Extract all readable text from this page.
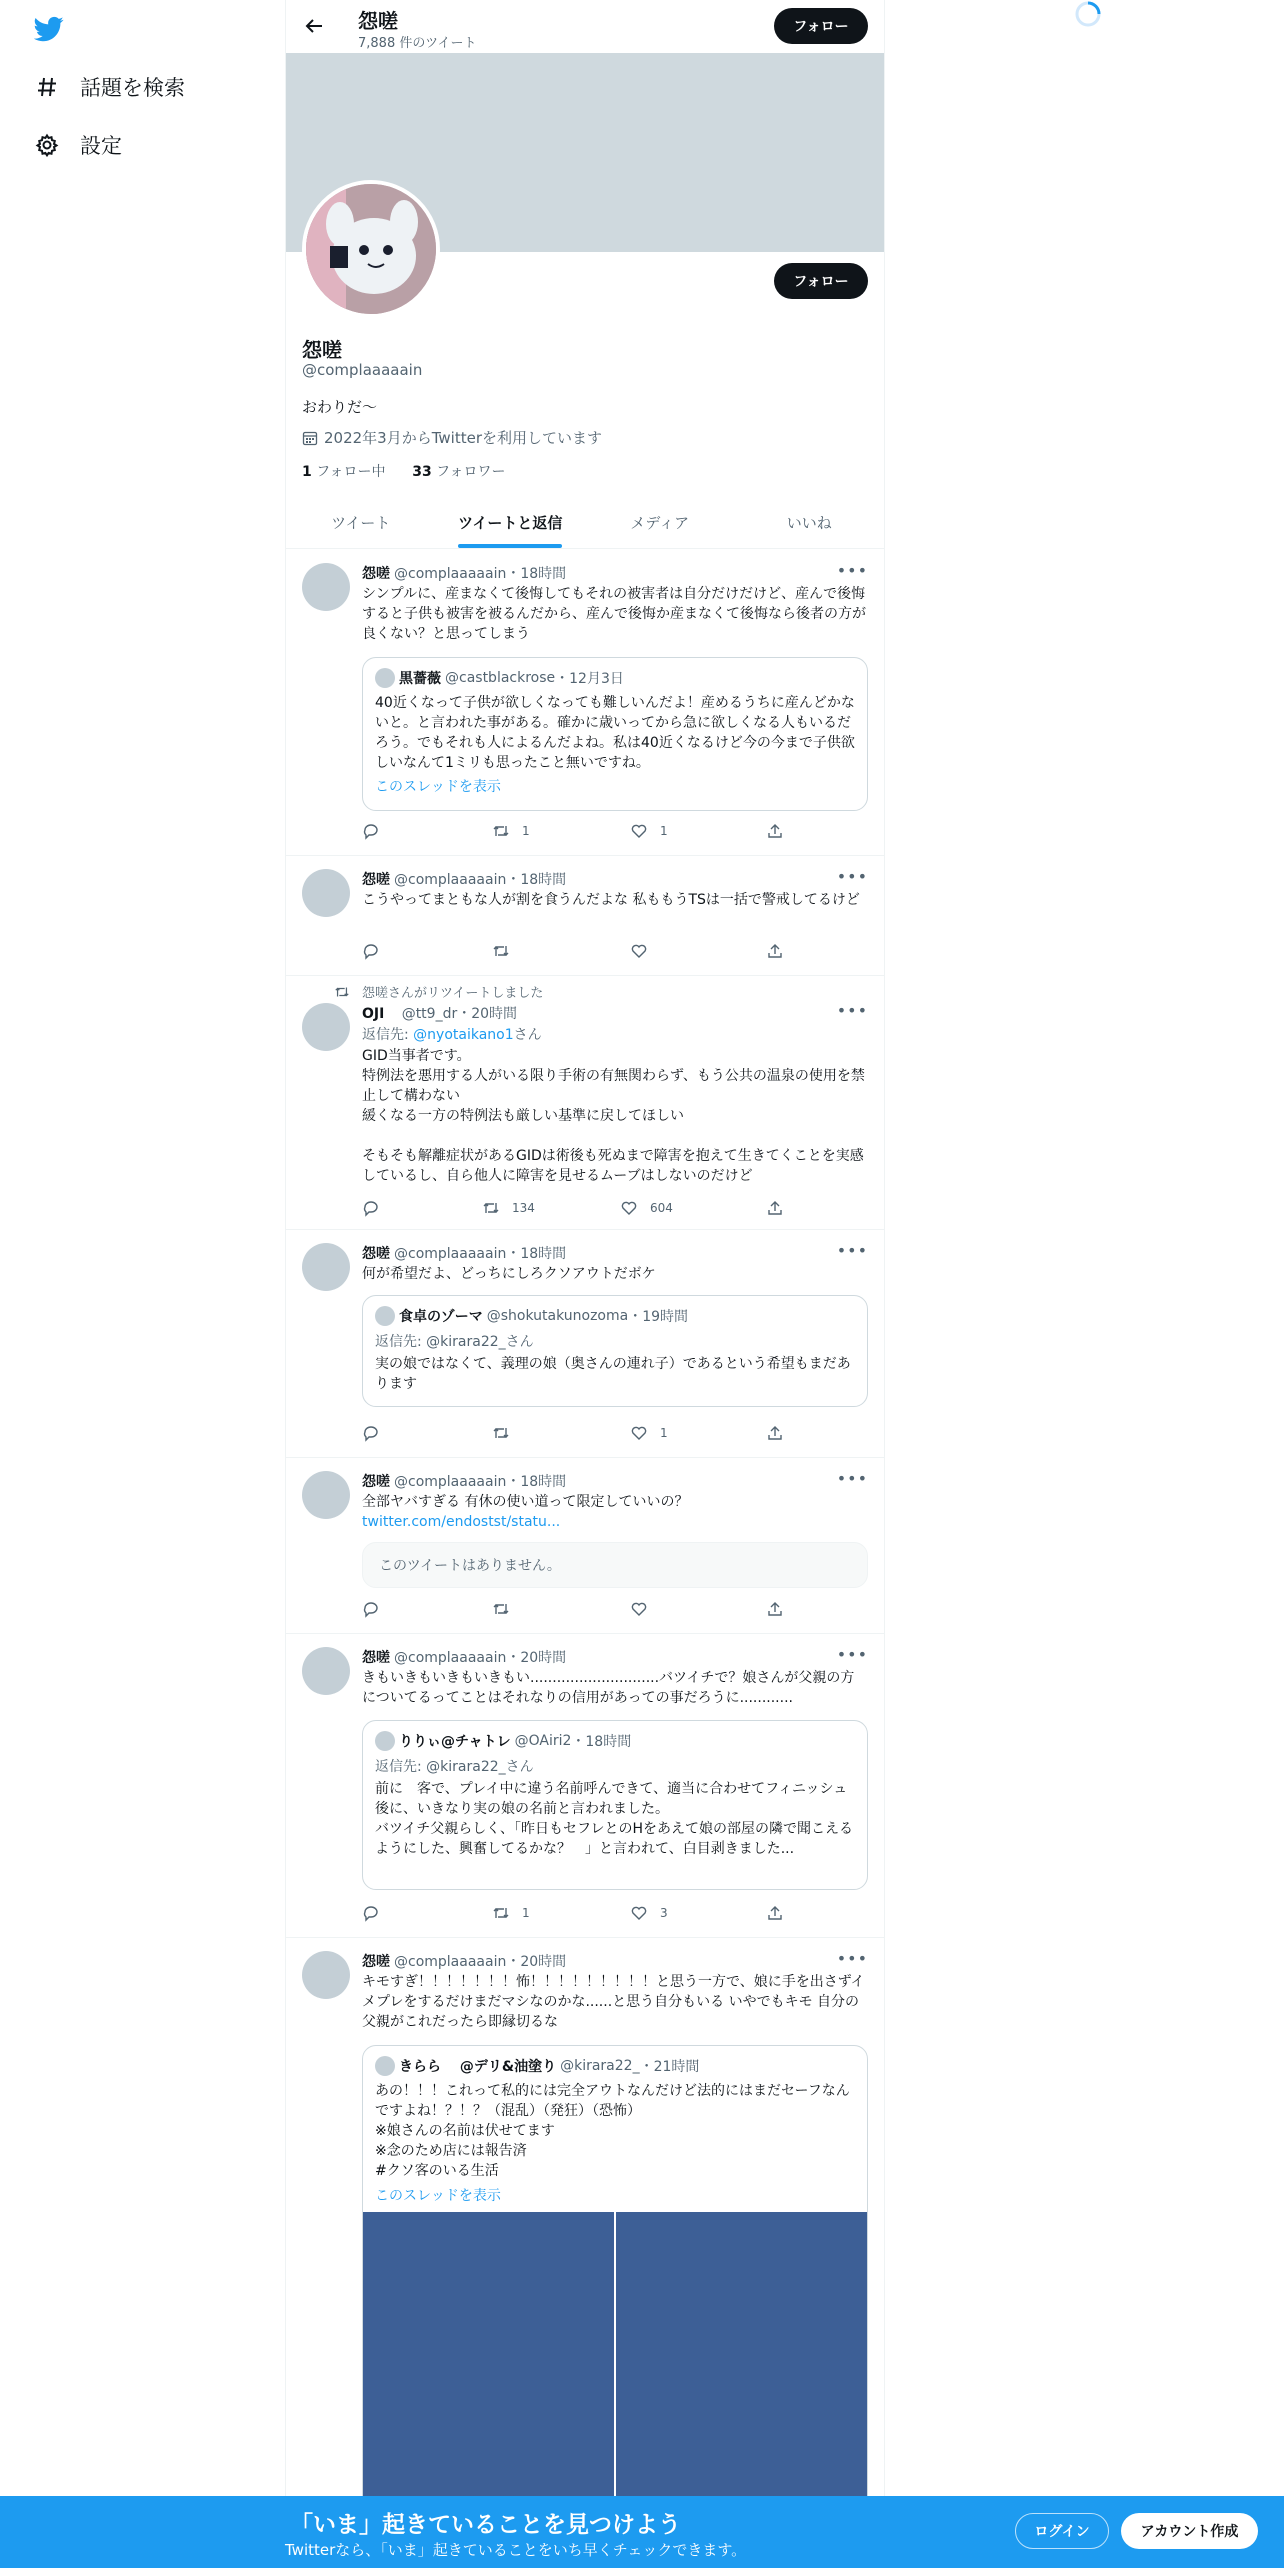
話題を検索
設定
怨嗟
7,888 件のツイート
フォロー
フォロー
怨嗟
@complaaaaain
おわりだ〜
2022年3月からTwitterを利用しています
1 フォロー中 33 フォロワー
ツイート	ツイートと返信	メディア	いいね
怨嗟 @complaaaaain・18時間	•••
シンプルに、産まなくて後悔してもそれの被害者は自分だけだけど、産んで後悔すると子供も被害を被るんだから、産んで後悔か産まなくて後悔なら後者の方が良くない？と思ってしまう
黒薔薇 @castblackrose ・12月3日
40近くなって子供が欲しくなっても難しいんだよ！産めるうちに産んどかないと。と言われた事がある。確かに歳いってから急に欲しくなる人もいるだろう。でもそれも人によるんだよね。私は40近くなるけど今の今まで子供欲しいなんて1ミリも思ったこと無いですね。
このスレッドを表示
1	1
怨嗟 @complaaaaain・18時間	•••
こうやってまともな人が割を食うんだよな 私ももうTSは一括で警戒してるけど
怨嗟さんがリツイートしました
OJI @tt9_dr・20時間	•••
返信先: @nyotaikano1さん
GID当事者です。
特例法を悪用する人がいる限り手術の有無関わらず、もう公共の温泉の使用を禁止して構わない
緩くなる一方の特例法も厳しい基準に戻してほしい
そもそも解離症状があるGIDは術後も死ぬまで障害を抱えて生きてくことを実感しているし、自ら他人に障害を見せるムーブはしないのだけど
134	604
怨嗟 @complaaaaain・18時間	•••
何が希望だよ、どっちにしろクソアウトだボケ
食卓のゾーマ @shokutakunozoma ・19時間
返信先: @kirara22_さん
実の娘ではなくて、義理の娘（奥さんの連れ子）であるという希望もまだあります
1
怨嗟 @complaaaaain・18時間	•••
全部ヤバすぎる 有休の使い道って限定していいの？
twitter.com/endostst/statu...
このツイートはありません。
怨嗟 @complaaaaain・20時間	•••
きもいきもいきもいきもい.............................バツイチで？娘さんが父親の方についてるってことはそれなりの信用があっての事だろうに............
りりぃ@チャトレ @OAiri2 ・18時間
返信先: @kirara22_さん
前に　客で、プレイ中に違う名前呼んできて、適当に合わせてフィニッシュ後に、いきなり実の娘の名前と言われました。
バツイチ父親らしく、「昨日もセフレとのHをあえて娘の部屋の隣で聞こえるようにした、興奮してるかな？　」と言われて、白目剥きました...
1	3
怨嗟 @complaaaaain・20時間	•••
キモすぎ！！！！！！！怖！！！！！！！！！と思う一方で、娘に手を出さずイメプレをするだけまだマシなのかな......と思う自分もいる いやでもキモ 自分の父親がこれだったら即縁切るな
きらら　 @デリ&油塗り @kirara22_ ・21時間
あの！！！これって私的には完全アウトなんだけど法的にはまだセーフなんですよね！？！？（混乱）（発狂）（恐怖）
※娘さんの名前は伏せてます
※念のため店には報告済
#クソ客のいる生活
このスレッドを表示
「いま」起きていることを見つけよう
Twitterなら、「いま」起きていることをいち早くチェックできます。
ログイン	アカウント作成
